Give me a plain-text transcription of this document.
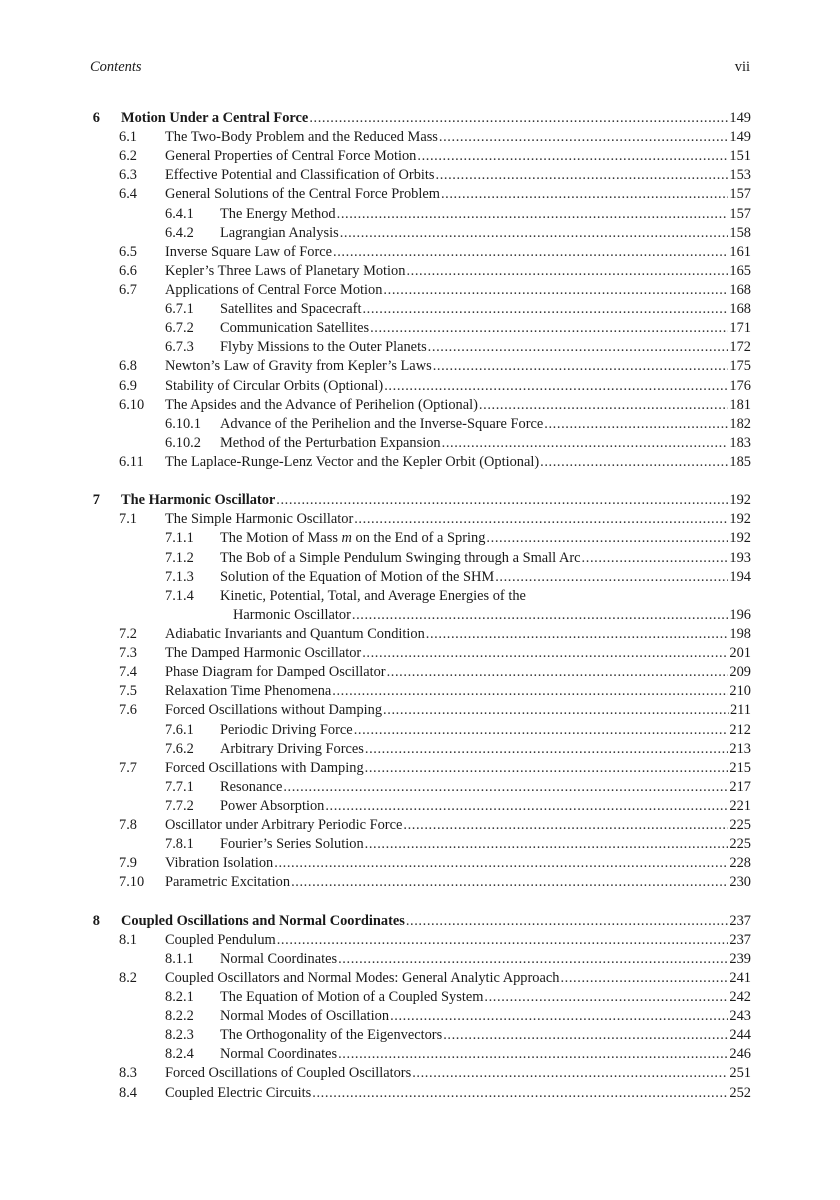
Contents	vii
6 Motion Under a Central Force .....	149
6.1 The Two-Body Problem and the Reduced Mass .....	149
6.2 General Properties of Central Force Motion .....	151
6.3 Effective Potential and Classification of Orbits .....	153
6.4 General Solutions of the Central Force Problem .....	157
6.4.1 The Energy Method .....	157
6.4.2 Lagrangian Analysis .....	158
6.5 Inverse Square Law of Force .....	161
6.6 Kepler’s Three Laws of Planetary Motion .....	165
6.7 Applications of Central Force Motion .....	168
6.7.1 Satellites and Spacecraft .....	168
6.7.2 Communication Satellites .....	171
6.7.3 Flyby Missions to the Outer Planets .....	172
6.8 Newton’s Law of Gravity from Kepler’s Laws .....	175
6.9 Stability of Circular Orbits (Optional) .....	176
6.10 The Apsides and the Advance of Perihelion (Optional) .....	181
6.10.1 Advance of the Perihelion and the Inverse-Square Force .....	182
6.10.2 Method of the Perturbation Expansion .....	183
6.11 The Laplace-Runge-Lenz Vector and the Kepler Orbit (Optional) .....	185
7 The Harmonic Oscillator .....	192
7.1 The Simple Harmonic Oscillator .....	192
7.1.1 The Motion of Mass m on the End of a Spring .....	192
7.1.2 The Bob of a Simple Pendulum Swinging through a Small Arc .....	193
7.1.3 Solution of the Equation of Motion of the SHM .....	194
7.1.4 Kinetic, Potential, Total, and Average Energies of the
Harmonic Oscillator .....	196
7.2 Adiabatic Invariants and Quantum Condition .....	198
7.3 The Damped Harmonic Oscillator .....	201
7.4 Phase Diagram for Damped Oscillator .....	209
7.5 Relaxation Time Phenomena .....	210
7.6 Forced Oscillations without Damping .....	211
7.6.1 Periodic Driving Force .....	212
7.6.2 Arbitrary Driving Forces .....	213
7.7 Forced Oscillations with Damping .....	215
7.7.1 Resonance .....	217
7.7.2 Power Absorption .....	221
7.8 Oscillator under Arbitrary Periodic Force .....	225
7.8.1 Fourier’s Series Solution .....	225
7.9 Vibration Isolation .....	228
7.10 Parametric Excitation .....	230
8 Coupled Oscillations and Normal Coordinates .....	237
8.1 Coupled Pendulum .....	237
8.1.1 Normal Coordinates .....	239
8.2 Coupled Oscillators and Normal Modes: General Analytic Approach .....	241
8.2.1 The Equation of Motion of a Coupled System .....	242
8.2.2 Normal Modes of Oscillation .....	243
8.2.3 The Orthogonality of the Eigenvectors .....	244
8.2.4 Normal Coordinates .....	246
8.3 Forced Oscillations of Coupled Oscillators .....	251
8.4 Coupled Electric Circuits .....	252
